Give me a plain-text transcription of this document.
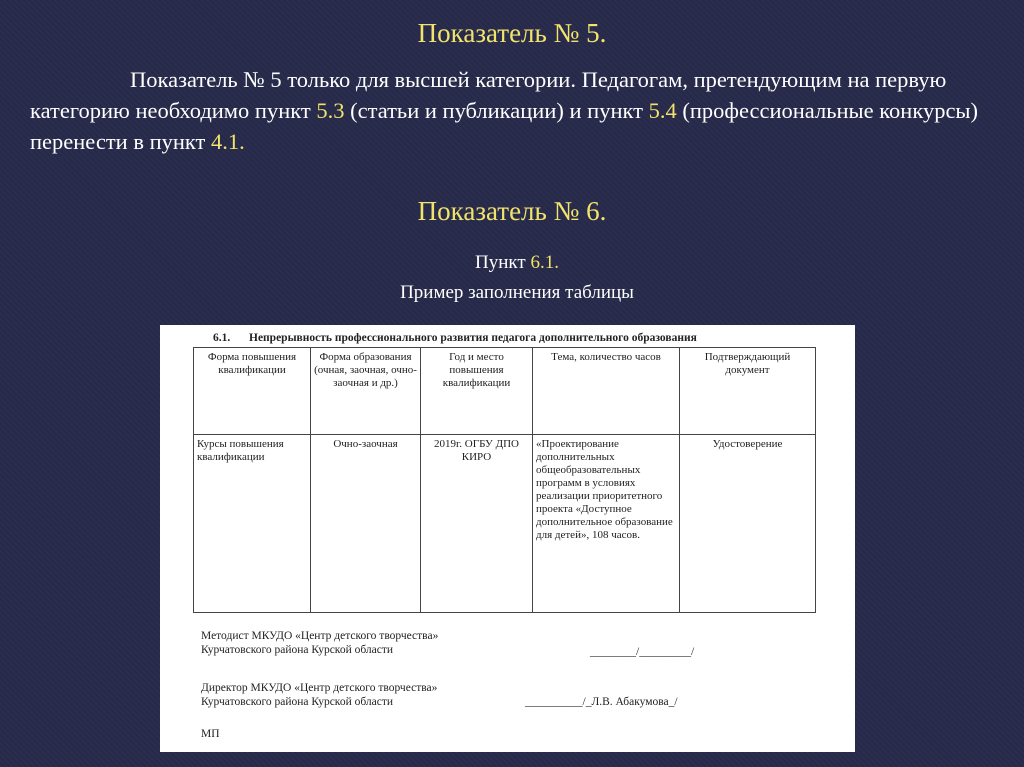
Показатель № 5.

Показатель № 5 только для высшей категории. Педагогам, претендующим на первую категорию необходимо пункт 5.3 (статьи и публикации) и пункт 5.4 (профессиональные конкурсы) перенести в пункт 4.1.

Показатель № 6.

Пункт 6.1.

Пример заполнения таблицы

6.1. Непрерывность профессионального развития педагога дополнительного образования
Форма повышения квалификации	Форма образования (очная, заочная, очно-заочная и др.)	Год и место повышения квалификации	Тема, количество часов	Подтверждающий документ
Курсы повышения квалификации	Очно-заочная	2019г. ОГБУ ДПО КИРО	«Проектирование дополнительных общеобразовательных программ в условиях реализации приоритетного проекта «Доступное дополнительное образование для детей», 108 часов.	Удостоверение
Методист МКУДО «Центр детского творчества»
Курчатовского района Курской области	________/_________/
Директор МКУДО «Центр детского творчества»
Курчатовского района Курской области	__________/_Л.В. Абакумова_/
МП
